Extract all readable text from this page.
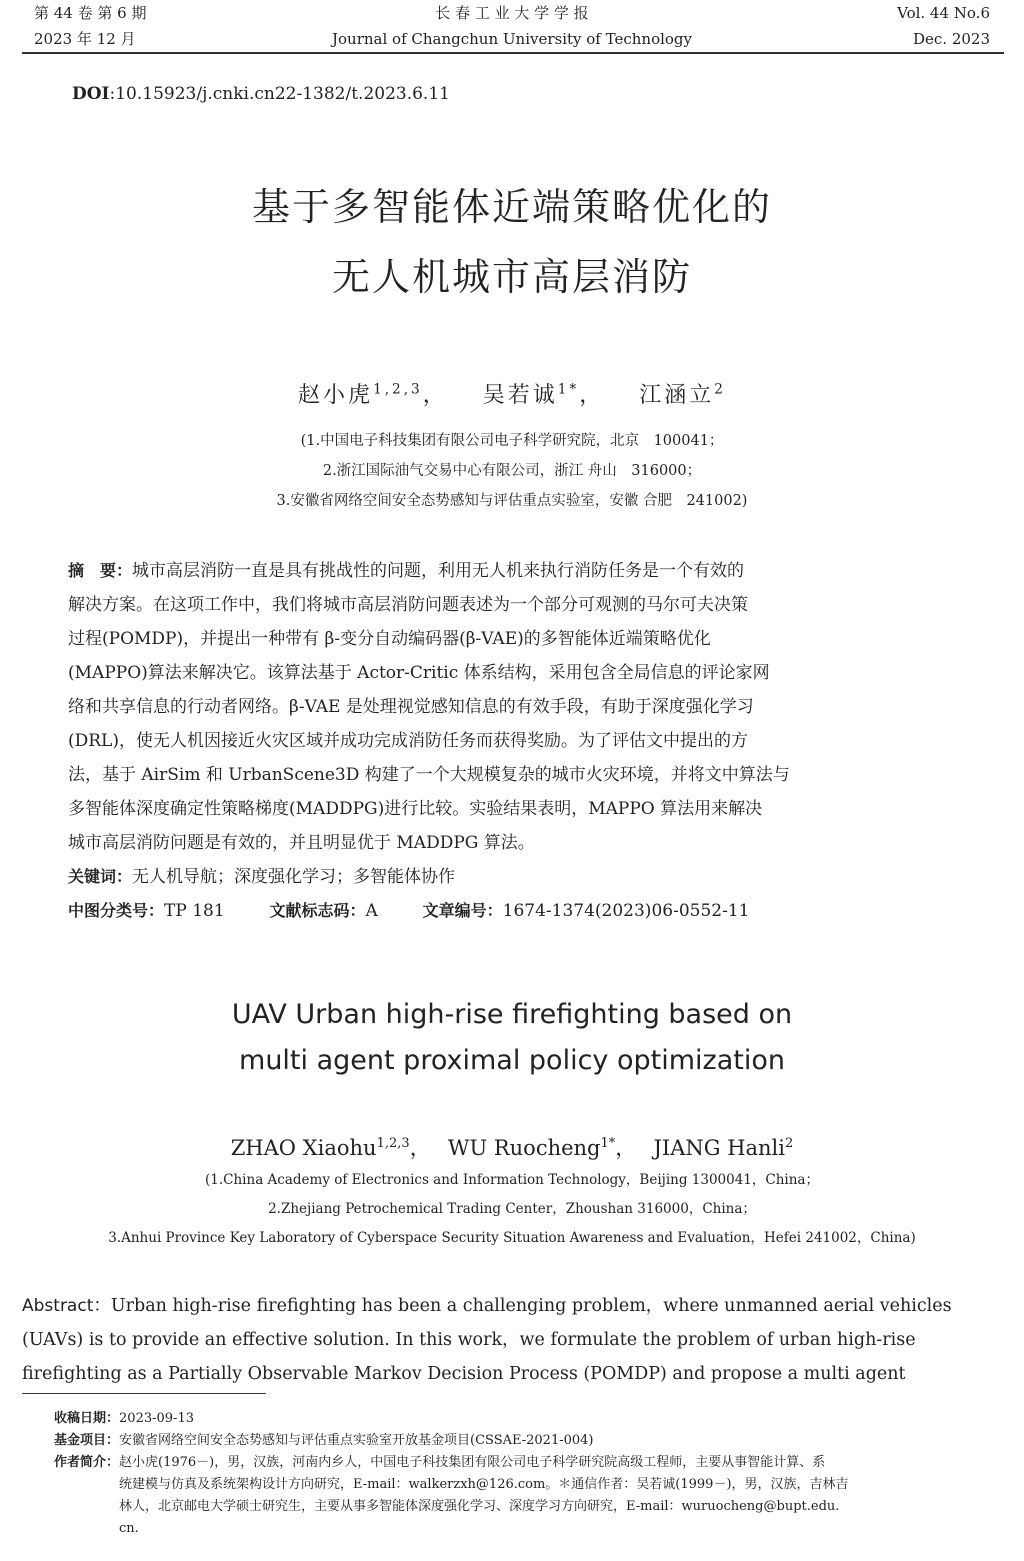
第 44 卷 第 6 期
2023 年 12 月
长 春 工 业 大 学 学 报
Journal of Changchun University of Technology
Vol. 44 No.6
Dec. 2023
DOI:10.15923/j.cnki.cn22-1382/t.2023.6.11
基于多智能体近端策略优化的
无人机城市高层消防
赵小虎$^{1,2,3}$，  吴若诚$^{1*}$，  江涵立$^2$
(1.中国电子科技集团有限公司电子科学研究院，北京　100041；
2.浙江国际油气交易中心有限公司，浙江 舟山　316000；
3.安徽省网络空间安全态势感知与评估重点实验室，安徽 合肥　241002)
摘　要：城市高层消防一直是具有挑战性的问题，利用无人机来执行消防任务是一个有效的
解决方案。在这项工作中，我们将城市高层消防问题表述为一个部分可观测的马尔可夫决策
过程(POMDP)，并提出一种带有 β-变分自动编码器(β-VAE)的多智能体近端策略优化
(MAPPO)算法来解决它。该算法基于 Actor-Critic 体系结构，采用包含全局信息的评论家网
络和共享信息的行动者网络。β-VAE 是处理视觉感知信息的有效手段，有助于深度强化学习
(DRL)，使无人机因接近火灾区域并成功完成消防任务而获得奖励。为了评估文中提出的方
法，基于 AirSim 和 UrbanScene3D 构建了一个大规模复杂的城市火灾环境，并将文中算法与
多智能体深度确定性策略梯度(MADDPG)进行比较。实验结果表明，MAPPO 算法用来解决
城市高层消防问题是有效的，并且明显优于 MADDPG 算法。
关键词：无人机导航；深度强化学习；多智能体协作
中图分类号：TP 181	文献标志码：A	文章编号：1674-1374(2023)06-0552-11
UAV Urban high-rise firefighting based on
multi agent proximal policy optimization
ZHAO Xiaohu$^{1,2,3}$，  WU Ruocheng$^{1*}$，  JIANG Hanli$^2$
(1.China Academy of Electronics and Information Technology，Beijing 1300041，China；
2.Zhejiang Petrochemical Trading Center，Zhoushan 316000，China；
3.Anhui Province Key Laboratory of Cyberspace Security Situation Awareness and Evaluation，Hefei 241002，China)
Abstract：Urban high-rise firefighting has been a challenging problem，where unmanned aerial vehicles
(UAVs) is to provide an effective solution. In this work，we formulate the problem of urban high-rise
firefighting as a Partially Observable Markov Decision Process (POMDP) and propose a multi agent
收稿日期：2023-09-13
基金项目：安徽省网络空间安全态势感知与评估重点实验室开放基金项目(CSSAE-2021-004)
作者简介： 赵小虎(1976－)，男，汉族，河南内乡人，中国电子科技集团有限公司电子科学研究院高级工程师，主要从事智能计算、系
统建模与仿真及系统架构设计方向研究，E-mail：walkerzxh@126.com。＊通信作者：吴若诚(1999－)，男，汉族，吉林吉
林人，北京邮电大学硕士研究生，主要从事多智能体深度强化学习、深度学习方向研究，E-mail：wuruocheng@bupt.edu.
cn.
